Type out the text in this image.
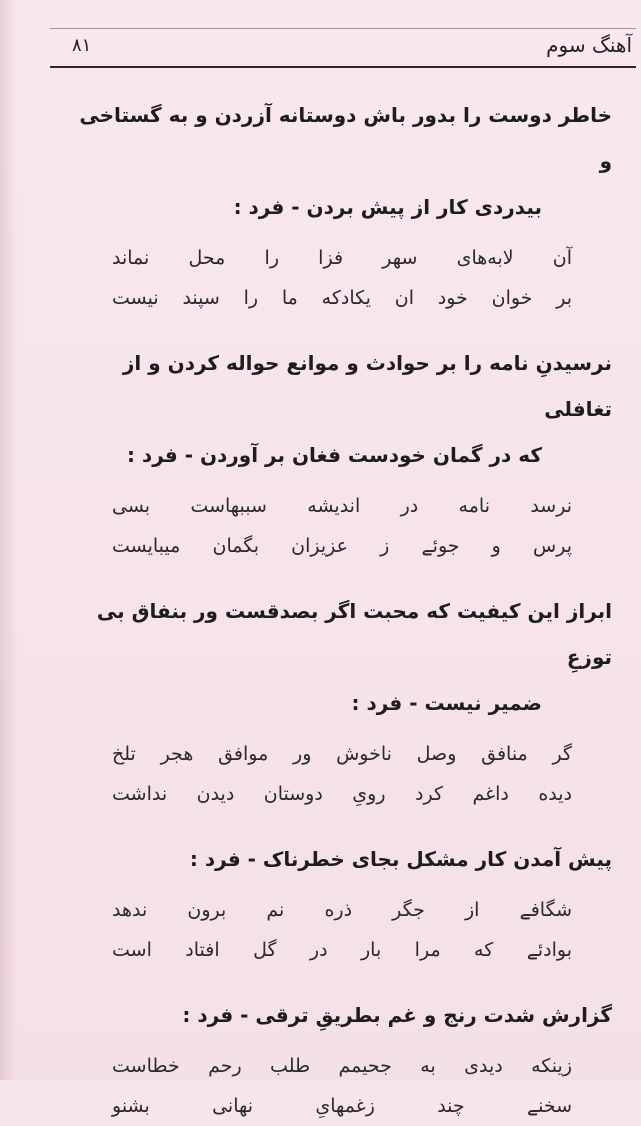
آهنگ سوم
۸۱

خاطر دوست را بدور باش دوستانه آزردن و به گستاخی و
بیدردی کار از پیش بردن - فرد :

آن لابه‌های سهر فزا را محل نماند
بر خوان خود ان یکادکه ما را سپند نیست

نرسیدنِ نامه را بر حوادث و موانع حواله کردن و از تغافلی
که در گمان خودست فغان بر آوردن - فرد :

نرسد نامه در اندیشه سببهاست بسی
پرس و جوئے ز عزیزان بگمان میبایست

ابراز این کیفیت که محبت اگر بصدقست ور بنفاق بی توزعِ
ضمیر نیست - فرد :

گر منافق وصل ناخوش ور موافق هجر تلخ
دیده داغم کرد رویِ دوستان دیدن نداشت

پیش آمدن کار مشکل بجای خطرناک - فرد :

شگافے از جگر ذره نم برون ندهد
بوادئے که مرا بار در گل افتاد است

گزارش شدت رنج و غم بطریقِ ترقی - فرد :

زینکه دیدی به جحیمم طلب رحم خطاست
سخنے چند زغمهایِ نهانی بشنو
